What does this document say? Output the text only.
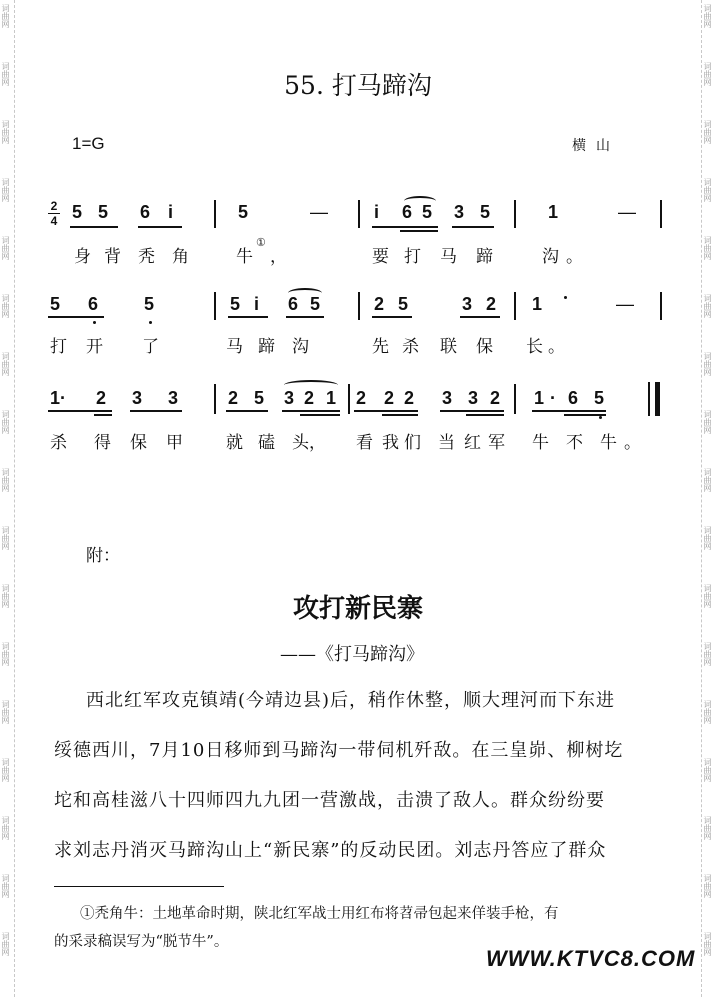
词曲网
词曲网
词曲网
词曲网
词曲网
词曲网
词曲网
词曲网
词曲网
词曲网
词曲网
词曲网
词曲网
词曲网
词曲网
词曲网
词曲网
词曲网
词曲网
词曲网
词曲网
词曲网
词曲网
词曲网
词曲网
词曲网
词曲网
词曲网
词曲网
词曲网
词曲网
词曲网
词曲网
词曲网
55. 打马蹄沟
1=G	横山
2
4 5 5 6 i	5	—	i 6 5 3 5	1	—
身 背 秃 角	牛
①
，	要 打 马 蹄	沟 。
5 6	5	5 i 6 5	2 5	3 2 1	—
打 开 了	马 蹄 沟	先 杀 联 保 长 。
1· 2 3 3	2 5 3 2 1 2 2 2 3 3 2 1 · 6 5
杀 得 保 甲	就 磕 头， 看 我 们 当 红 军 牛 不 牛 。
附：
攻打新民寨
——《打马蹄沟》
西北红军攻克镇靖(今靖边县)后，稍作休整，顺大理河而下东进
绥德西川，7月10日移师到马蹄沟一带伺机歼敌。在三皇峁、柳树圪
坨和高桂滋八十四师四九九团一营激战，击溃了敌人。群众纷纷要
求刘志丹消灭马蹄沟山上“新民寨”的反动民团。刘志丹答应了群众
①秃角牛：土地革命时期，陕北红军战士用红布将苕帚包起来佯装手枪，有
的采录稿误写为“脱节牛”。
WWW.KTVC8.COM
